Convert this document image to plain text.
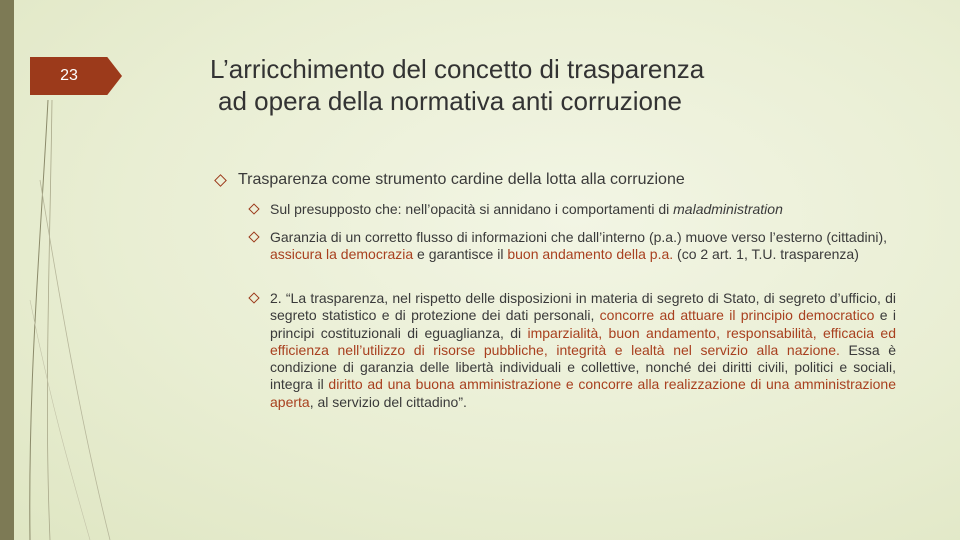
23	L’arricchimento del concetto di trasparenza
ad opera della normativa anti corruzione
Trasparenza come strumento cardine della lotta alla corruzione
Sul presupposto che: nell’opacità si annidano i comportamenti di maladministration
Garanzia di un corretto flusso di informazioni che dall’interno (p.a.) muove verso l’esterno (cittadini), assicura la democrazia e garantisce il buon andamento della p.a. (co 2 art. 1, T.U. trasparenza)
2. “La trasparenza, nel rispetto delle disposizioni in materia di segreto di Stato, di segreto d’ufficio, di segreto statistico e di protezione dei dati personali, concorre ad attuare il principio democratico e i principi costituzionali di eguaglianza, di imparzialità, buon andamento, responsabilità, efficacia ed efficienza nell’utilizzo di risorse pubbliche, integrità e lealtà nel servizio alla nazione. Essa è condizione di garanzia delle libertà individuali e collettive, nonché dei diritti civili, politici e sociali, integra il diritto ad una buona amministrazione e concorre alla realizzazione di una amministrazione aperta, al servizio del cittadino”.
